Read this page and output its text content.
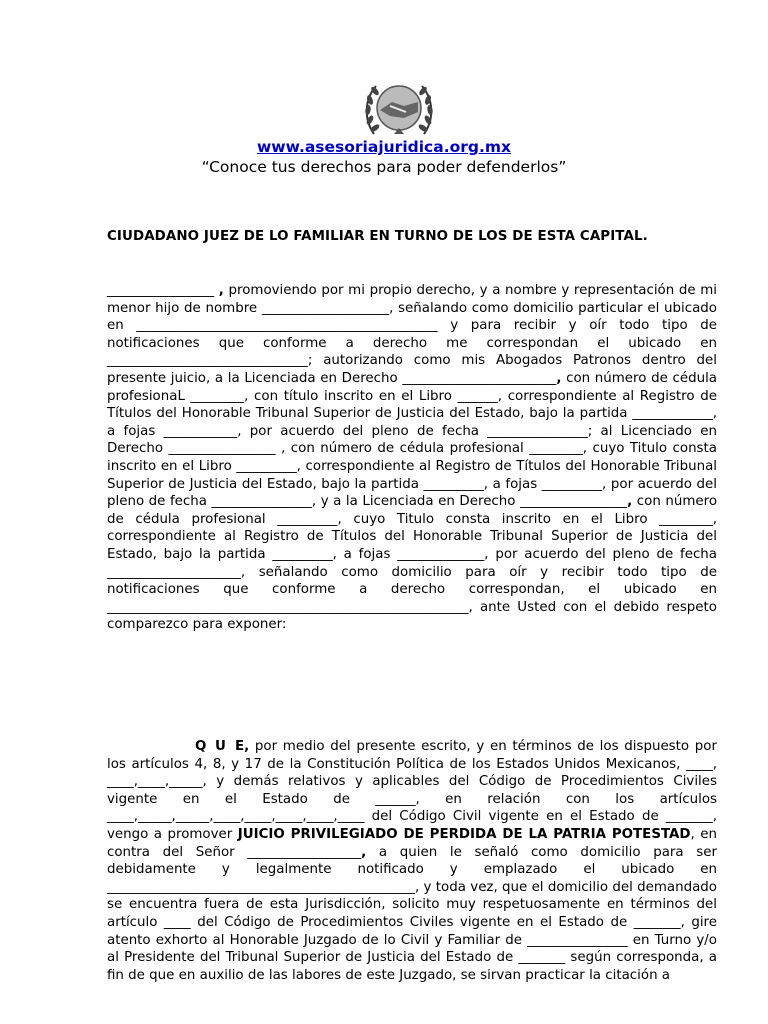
www.asesoriajuridica.org.mx
“Conoce tus derechos para poder defenderlos”
CIUDADANO JUEZ DE LO FAMILIAR EN TURNO DE LOS DE ESTA CAPITAL.
________________ , promoviendo por mi propio derecho, y a nombre y representación de mi menor hijo de nombre ___________________, señalando como domicilio particular el ubicado en _____________________________________________ y para recibir y oír todo tipo de notificaciones que conforme a derecho me correspondan el ubicado en ______________________________; autorizando como mis Abogados Patronos dentro del presente juicio, a la Licenciada en Derecho _______________________, con número de cédula profesionaL ________, con título inscrito en el Libro ______, correspondiente al Registro de Títulos del Honorable Tribunal Superior de Justicia del Estado, bajo la partida ____________, a fojas ___________, por acuerdo del pleno de fecha _______________; al Licenciado en Derecho ________________ , con número de cédula profesional ________, cuyo Titulo consta inscrito en el Libro _________, correspondiente al Registro de Títulos del Honorable Tribunal Superior de Justicia del Estado, bajo la partida _________, a fojas _________, por acuerdo del pleno de fecha _______________, y a la Licenciada en Derecho ________________, con número de cédula profesional _________, cuyo Titulo consta inscrito en el Libro ________, correspondiente al Registro de Títulos del Honorable Tribunal Superior de Justicia del Estado, bajo la partida _________, a fojas _____________, por acuerdo del pleno de fecha ____________________, señalando como domicilio para oír y recibir todo tipo de notificaciones que conforme a derecho correspondan, el ubicado en ______________________________________________________, ante Usted con el debido respeto comparezco para exponer:
Q U E, por medio del presente escrito, y en términos de los dispuesto por los artículos 4, 8, y 17 de la Constitución Política de los Estados Unidos Mexicanos, ____, ____,____,_____, y demás relativos y aplicables del Código de Procedimientos Civiles vigente en el Estado de ______, en relación con los artículos ____,_____,_____,____,____,____,____,____ del Código Civil vigente en el Estado de _______, vengo a promover JUICIO PRIVILEGIADO DE PERDIDA DE LA PATRIA POTESTAD, en contra del Señor _________________, a quien le señaló como domicilio para ser debidamente y legalmente notificado y emplazado el ubicado en ______________________________________________, y toda vez, que el domicilio del demandado se encuentra fuera de esta Jurisdicción, solicito muy respetuosamente en términos del artículo ____ del Código de Procedimientos Civiles vigente en el Estado de _______, gire atento exhorto al Honorable Juzgado de lo Civil y Familiar de _______________ en Turno y/o al Presidente del Tribunal Superior de Justicia del Estado de _______ según corresponda, a fin de que en auxilio de las labores de este Juzgado, se sirvan practicar la citación a
